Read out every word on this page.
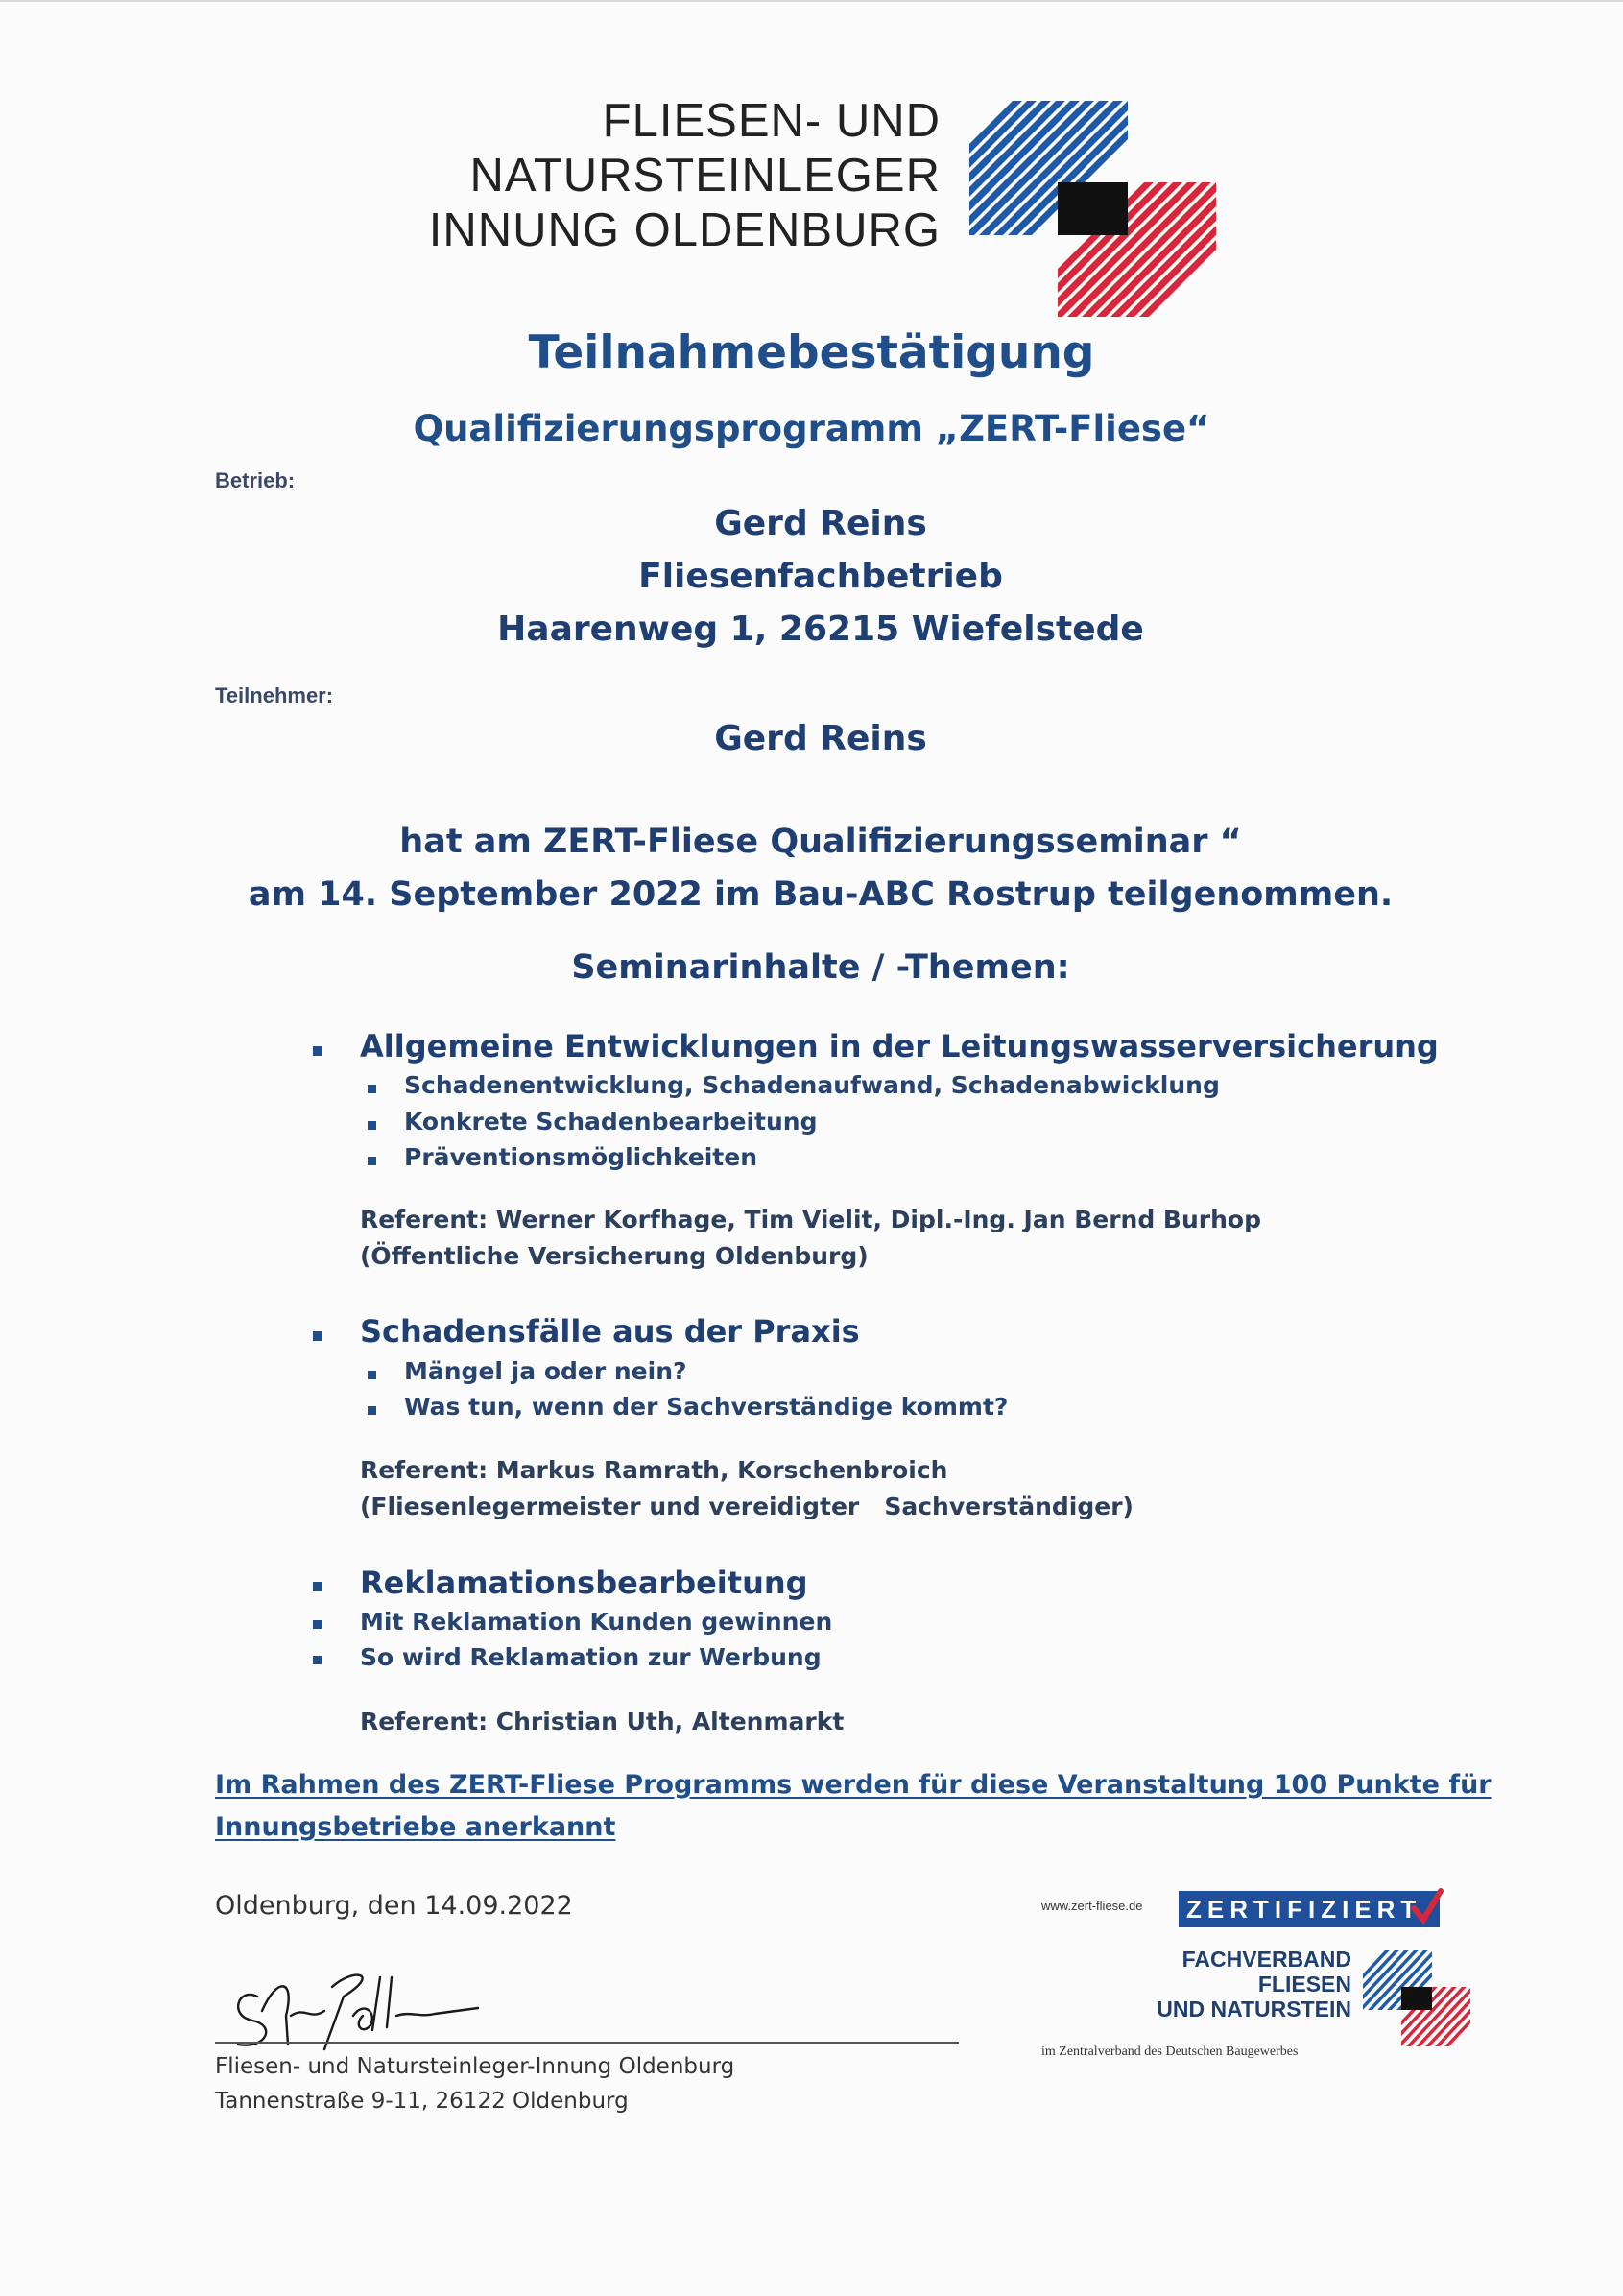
FLIESEN- UND
NATURSTEINLEGER
INNUNG OLDENBURG
Teilnahmebestätigung
Qualifizierungsprogramm „ZERT-Fliese“
Betrieb:
Gerd Reins
Fliesenfachbetrieb
Haarenweg 1, 26215 Wiefelstede
Teilnehmer:
Gerd Reins
hat am ZERT-Fliese Qualifizierungsseminar “
am 14. September 2022 im Bau-ABC Rostrup teilgenommen.
Seminarinhalte / -Themen:
Allgemeine Entwicklungen in der Leitungswasserversicherung
Schadenentwicklung, Schadenaufwand, Schadenabwicklung
Konkrete Schadenbearbeitung
Präventionsmöglichkeiten
Referent: Werner Korfhage, Tim Vielit, Dipl.-Ing. Jan Bernd Burhop
(Öffentliche Versicherung Oldenburg)
Schadensfälle aus der Praxis
Mängel ja oder nein?
Was tun, wenn der Sachverständige kommt?
Referent: Markus Ramrath, Korschenbroich
(Fliesenlegermeister und vereidigter   Sachverständiger)
Reklamationsbearbeitung
Mit Reklamation Kunden gewinnen
So wird Reklamation zur Werbung
Referent: Christian Uth, Altenmarkt
Im Rahmen des ZERT-Fliese Programms werden für diese Veranstaltung 100 Punkte für
Innungsbetriebe anerkannt
Oldenburg, den 14.09.2022
Fliesen- und Natursteinleger-Innung Oldenburg
Tannenstraße 9-11, 26122 Oldenburg
www.zert-fliese.de	ZERTIFIZIERT
FACHVERBAND
FLIESEN
UND NATURSTEIN
im Zentralverband des Deutschen Baugewerbes
